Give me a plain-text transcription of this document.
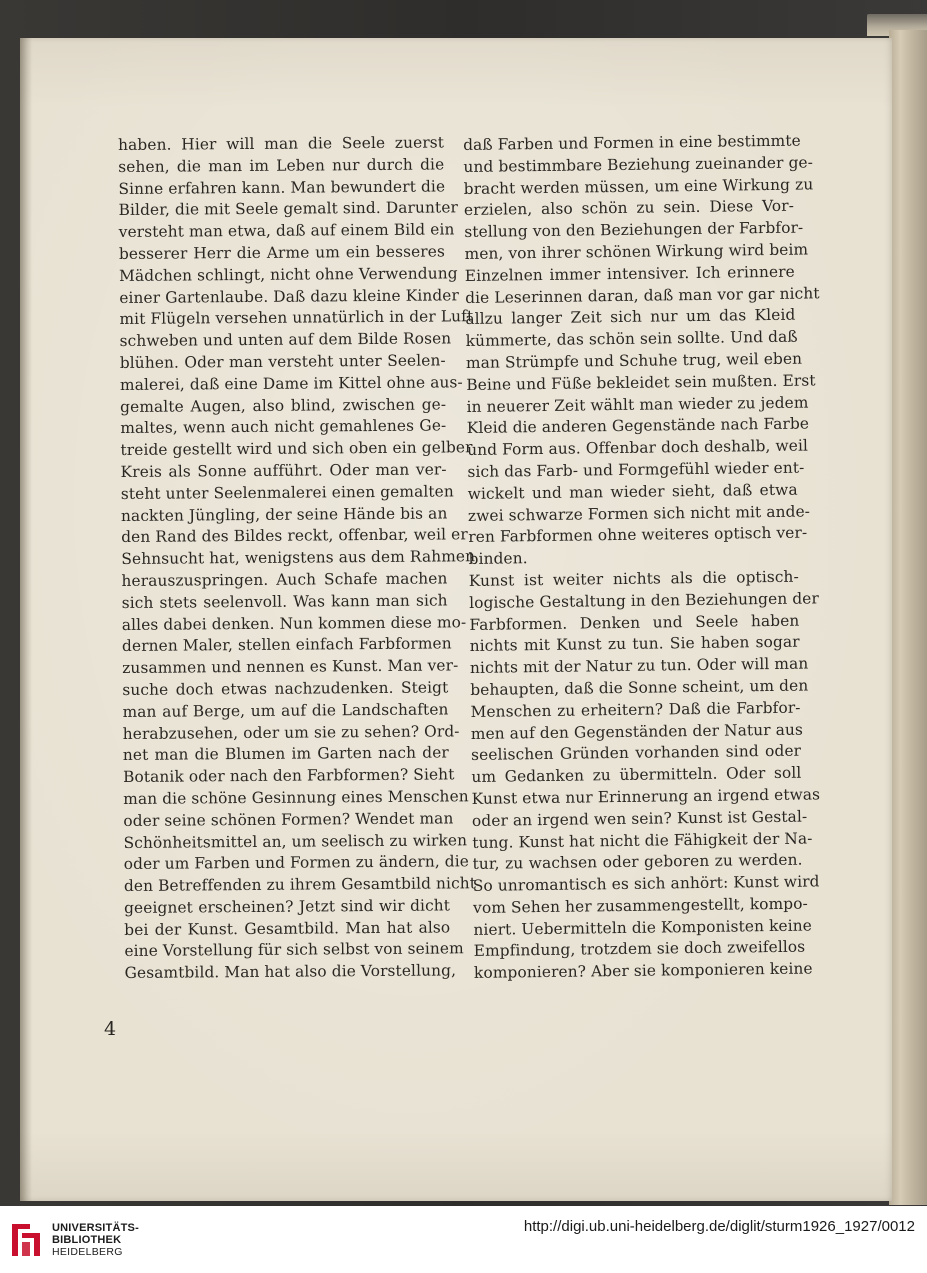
haben. Hier will man die Seele zuerst
sehen, die man im Leben nur durch die
Sinne erfahren kann. Man bewundert die
Bilder, die mit Seele gemalt sind. Darunter
versteht man etwa, daß auf einem Bild ein
besserer Herr die Arme um ein besseres
Mädchen schlingt, nicht ohne Verwendung
einer Gartenlaube. Daß dazu kleine Kinder
mit Flügeln versehen unnatürlich in der Luft
schweben und unten auf dem Bilde Rosen
blühen. Oder man versteht unter Seelen-
malerei, daß eine Dame im Kittel ohne aus-
gemalte Augen, also blind, zwischen ge-
maltes, wenn auch nicht gemahlenes Ge-
treide gestellt wird und sich oben ein gelber
Kreis als Sonne aufführt. Oder man ver-
steht unter Seelenmalerei einen gemalten
nackten Jüngling, der seine Hände bis an
den Rand des Bildes reckt, offenbar, weil er
Sehnsucht hat, wenigstens aus dem Rahmen
herauszuspringen. Auch Schafe machen
sich stets seelenvoll. Was kann man sich
alles dabei denken. Nun kommen diese mo-
dernen Maler, stellen einfach Farbformen
zusammen und nennen es Kunst. Man ver-
suche doch etwas nachzudenken. Steigt
man auf Berge, um auf die Landschaften
herabzusehen, oder um sie zu sehen? Ord-
net man die Blumen im Garten nach der
Botanik oder nach den Farbformen? Sieht
man die schöne Gesinnung eines Menschen
oder seine schönen Formen? Wendet man
Schönheitsmittel an, um seelisch zu wirken
oder um Farben und Formen zu ändern, die
den Betreffenden zu ihrem Gesamtbild nicht
geeignet erscheinen? Jetzt sind wir dicht
bei der Kunst. Gesamtbild. Man hat also
eine Vorstellung für sich selbst von seinem
Gesamtbild. Man hat also die Vorstellung,
daß Farben und Formen in eine bestimmte
und bestimmbare Beziehung zueinander ge-
bracht werden müssen, um eine Wirkung zu
erzielen, also schön zu sein. Diese Vor-
stellung von den Beziehungen der Farbfor-
men, von ihrer schönen Wirkung wird beim
Einzelnen immer intensiver. Ich erinnere
die Leserinnen daran, daß man vor gar nicht
allzu langer Zeit sich nur um das Kleid
kümmerte, das schön sein sollte. Und daß
man Strümpfe und Schuhe trug, weil eben
Beine und Füße bekleidet sein mußten. Erst
in neuerer Zeit wählt man wieder zu jedem
Kleid die anderen Gegenstände nach Farbe
und Form aus. Offenbar doch deshalb, weil
sich das Farb- und Formgefühl wieder ent-
wickelt und man wieder sieht, daß etwa
zwei schwarze Formen sich nicht mit ande-
ren Farbformen ohne weiteres optisch ver-
binden.
Kunst ist weiter nichts als die optisch-
logische Gestaltung in den Beziehungen der
Farbformen. Denken und Seele haben
nichts mit Kunst zu tun. Sie haben sogar
nichts mit der Natur zu tun. Oder will man
behaupten, daß die Sonne scheint, um den
Menschen zu erheitern? Daß die Farbfor-
men auf den Gegenständen der Natur aus
seelischen Gründen vorhanden sind oder
um Gedanken zu übermitteln. Oder soll
Kunst etwa nur Erinnerung an irgend etwas
oder an irgend wen sein? Kunst ist Gestal-
tung. Kunst hat nicht die Fähigkeit der Na-
tur, zu wachsen oder geboren zu werden.
So unromantisch es sich anhört: Kunst wird
vom Sehen her zusammengestellt, kompo-
niert. Uebermitteln die Komponisten keine
Empfindung, trotzdem sie doch zweifellos
komponieren? Aber sie komponieren keine
4
UNIVERSITÄTS-
BIBLIOTHEK
HEIDELBERG
http://digi.ub.uni-heidelberg.de/diglit/sturm1926_1927/0012
